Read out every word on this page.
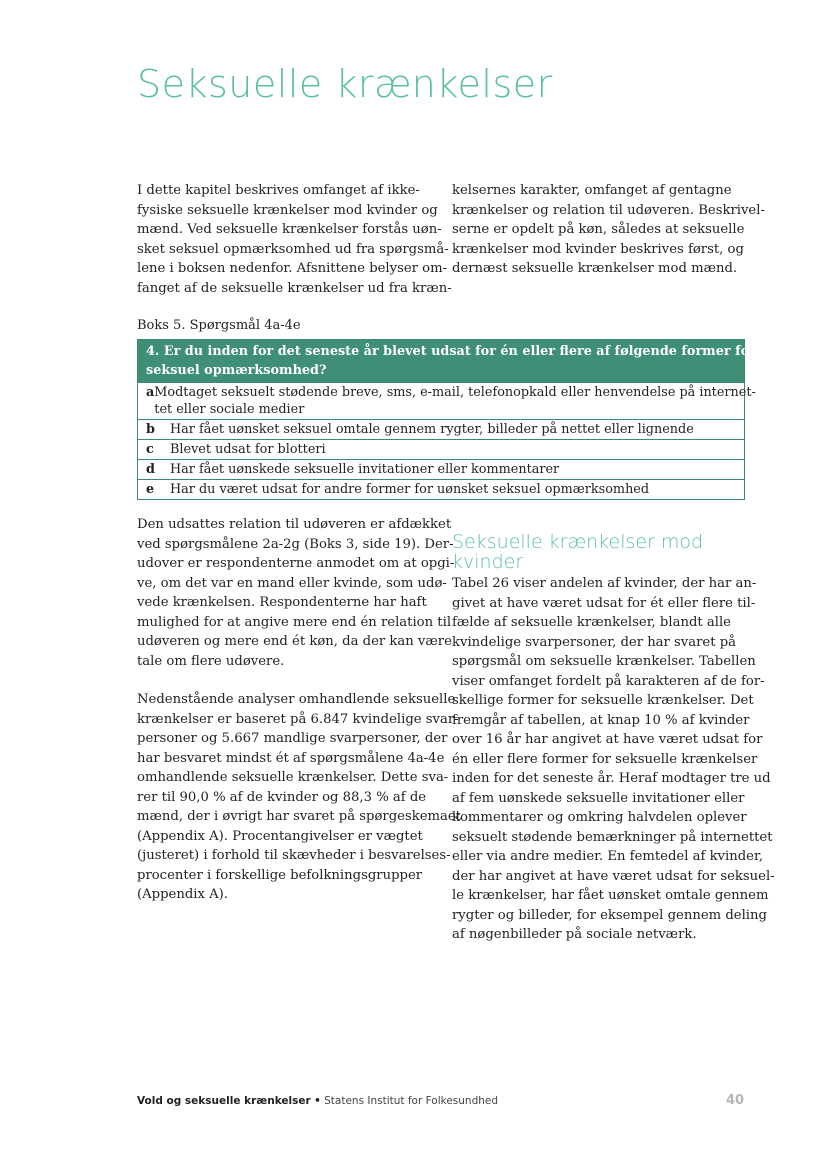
Seksuelle krænkelser
I dette kapitel beskrives omfanget af ikke-
fysiske seksuelle krænkelser mod kvinder og
mænd. Ved seksuelle krænkelser forstås uøn-
sket seksuel opmærksomhed ud fra spørgsmå-
lene i boksen nedenfor. Afsnittene belyser om-
fanget af de seksuelle krænkelser ud fra kræn-
kelsernes karakter, omfanget af gentagne
krænkelser og relation til udøveren. Beskrivel-
serne er opdelt på køn, således at seksuelle
krænkelser mod kvinder beskrives først, og
dernæst seksuelle krænkelser mod mænd.
Boks 5. Spørgsmål 4a-4e
4. Er du inden for det seneste år blevet udsat for én eller flere af følgende former for uønsket
seksuel opmærksomhed?
a Modtaget seksuelt stødende breve, sms, e-mail, telefonopkald eller henvendelse på internet-
tet eller sociale medier
b	Har fået uønsket seksuel omtale gennem rygter, billeder på nettet eller lignende
c	Blevet udsat for blotteri
d	Har fået uønskede seksuelle invitationer eller kommentarer
e	Har du været udsat for andre former for uønsket seksuel opmærksomhed
Den udsattes relation til udøveren er afdækket
ved spørgsmålene 2a-2g (Boks 3, side 19). Der-
udover er respondenterne anmodet om at opgi-
ve, om det var en mand eller kvinde, som udø-
vede krænkelsen. Respondenterne har haft
mulighed for at angive mere end én relation til
udøveren og mere end ét køn, da der kan være
tale om flere udøvere.
Nedenstående analyser omhandlende seksuelle
krænkelser er baseret på 6.847 kvindelige svar-
personer og 5.667 mandlige svarpersoner, der
har besvaret mindst ét af spørgsmålene 4a-4e
omhandlende seksuelle krænkelser. Dette sva-
rer til 90,0 % af de kvinder og 88,3 % af de
mænd, der i øvrigt har svaret på spørgeskemaet
(Appendix A). Procentangivelser er vægtet
(justeret) i forhold til skævheder i besvarelses-
procenter i forskellige befolkningsgrupper
(Appendix A).
Seksuelle krænkelser mod
kvinder
Tabel 26 viser andelen af kvinder, der har an-
givet at have været udsat for ét eller flere til-
fælde af seksuelle krænkelser, blandt alle
kvindelige svarpersoner, der har svaret på
spørgsmål om seksuelle krænkelser. Tabellen
viser omfanget fordelt på karakteren af de for-
skellige former for seksuelle krænkelser. Det
fremgår af tabellen, at knap 10 % af kvinder
over 16 år har angivet at have været udsat for
én eller flere former for seksuelle krænkelser
inden for det seneste år. Heraf modtager tre ud
af fem uønskede seksuelle invitationer eller
kommentarer og omkring halvdelen oplever
seksuelt stødende bemærkninger på internettet
eller via andre medier. En femtedel af kvinder,
der har angivet at have været udsat for seksuel-
le krænkelser, har fået uønsket omtale gennem
rygter og billeder, for eksempel gennem deling
af nøgenbilleder på sociale netværk.
Vold og seksuelle krænkelser • Statens Institut for Folkesundhed	40
